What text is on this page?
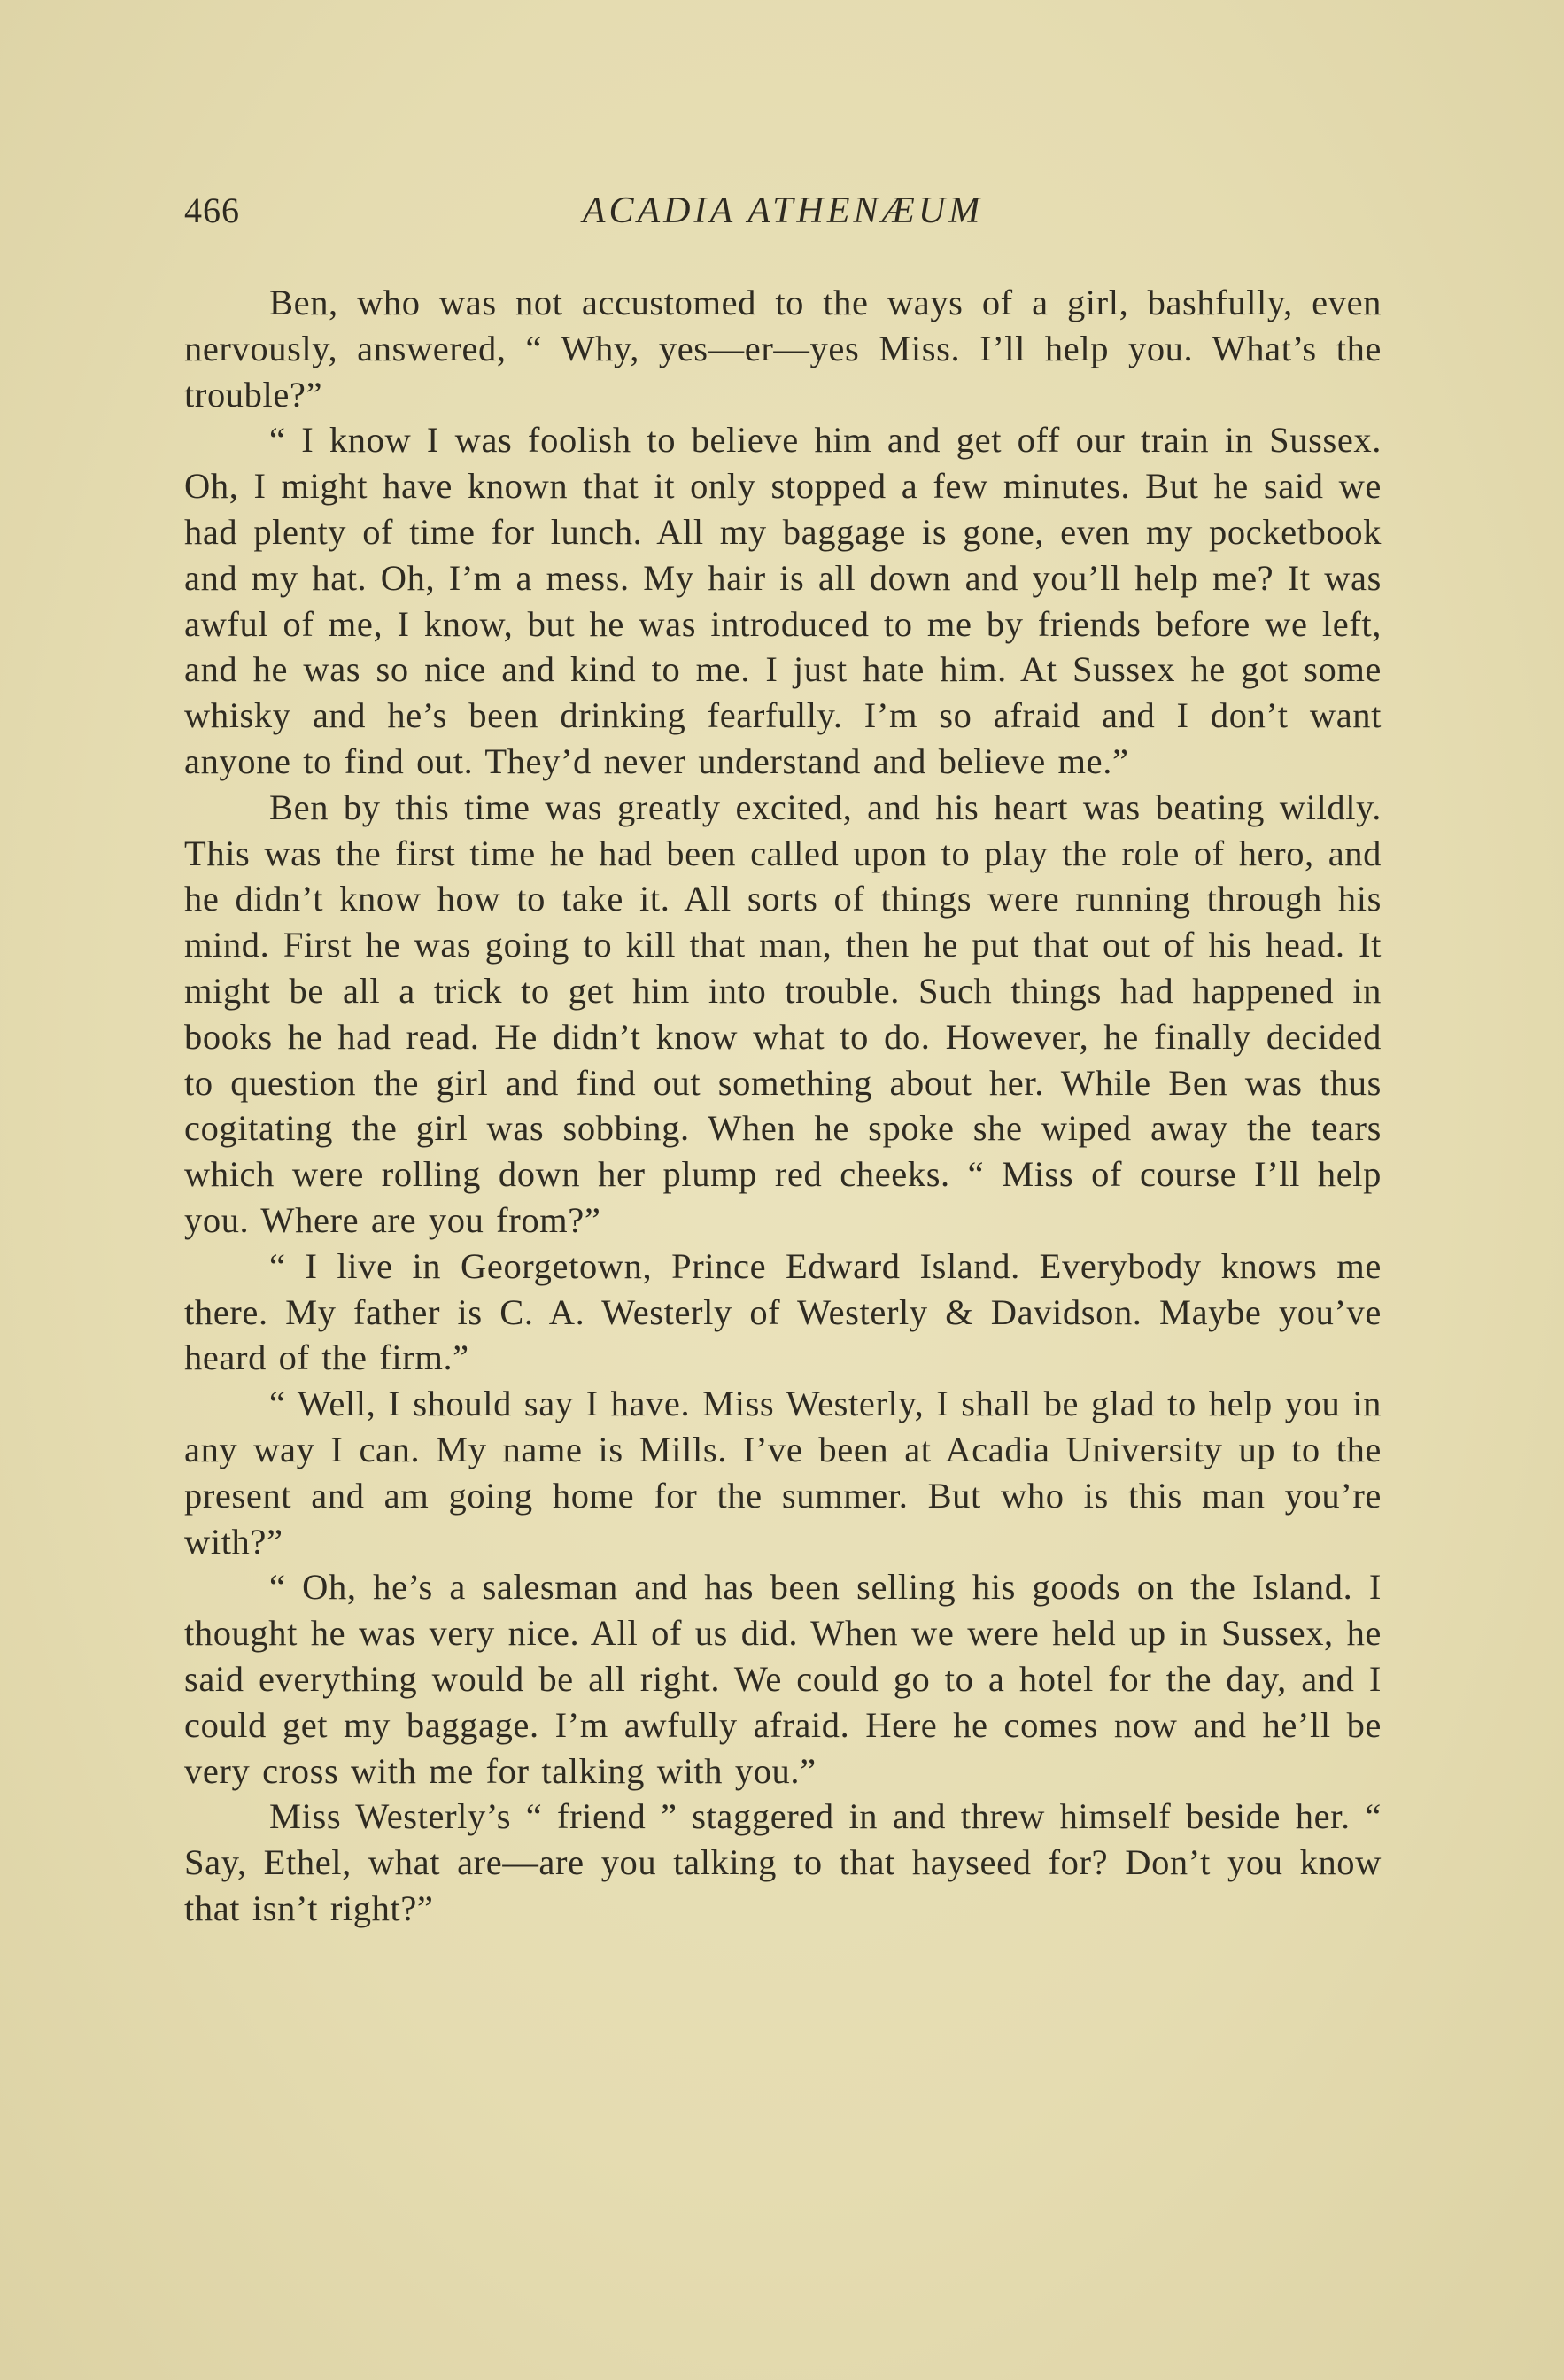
466	ACADIA ATHENÆUM

Ben, who was not accustomed to the ways of a girl, bashfully, even nervously, answered, “ Why, yes—er—yes Miss. I’ll help you. What’s the trouble?”

“ I know I was foolish to believe him and get off our train in Sussex. Oh, I might have known that it only stopped a few minutes. But he said we had plenty of time for lunch. All my baggage is gone, even my pocketbook and my hat. Oh, I’m a mess. My hair is all down and you’ll help me? It was awful of me, I know, but he was introduced to me by friends before we left, and he was so nice and kind to me. I just hate him. At Sussex he got some whisky and he’s been drinking fearfully. I’m so afraid and I don’t want anyone to find out. They’d never understand and believe me.”

Ben by this time was greatly excited, and his heart was beating wildly. This was the first time he had been called upon to play the role of hero, and he didn’t know how to take it. All sorts of things were running through his mind. First he was going to kill that man, then he put that out of his head. It might be all a trick to get him into trouble. Such things had happened in books he had read. He didn’t know what to do. However, he finally decided to question the girl and find out something about her. While Ben was thus cogitating the girl was sobbing. When he spoke she wiped away the tears which were rolling down her plump red cheeks. “ Miss of course I’ll help you. Where are you from?”

“ I live in Georgetown, Prince Edward Island. Everybody knows me there. My father is C. A. Westerly of Westerly & Davidson. Maybe you’ve heard of the firm.”

“ Well, I should say I have. Miss Westerly, I shall be glad to help you in any way I can. My name is Mills. I’ve been at Acadia University up to the present and am going home for the summer. But who is this man you’re with?”

“ Oh, he’s a salesman and has been selling his goods on the Island. I thought he was very nice. All of us did. When we were held up in Sussex, he said everything would be all right. We could go to a hotel for the day, and I could get my baggage. I’m awfully afraid. Here he comes now and he’ll be very cross with me for talking with you.”

Miss Westerly’s “ friend ” staggered in and threw himself beside her. “ Say, Ethel, what are—are you talking to that hayseed for? Don’t you know that isn’t right?”
